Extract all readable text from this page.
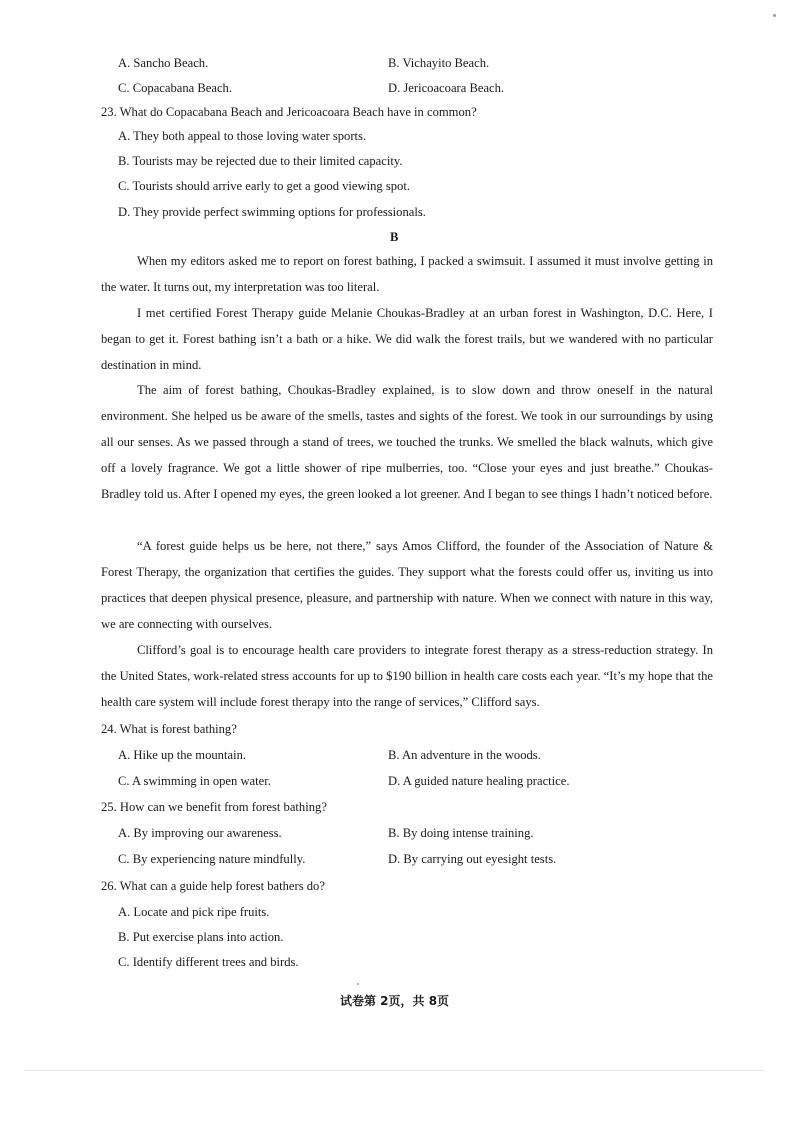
A. Sancho Beach.	B. Vichayito Beach.
C. Copacabana Beach.	D. Jericoacoara Beach.
23. What do Copacabana Beach and Jericoacoara Beach have in common?
A. They both appeal to those loving water sports.
B. Tourists may be rejected due to their limited capacity.
C. Tourists should arrive early to get a good viewing spot.
D. They provide perfect swimming options for professionals.
B

When my editors asked me to report on forest bathing, I packed a swimsuit. I assumed it must involve getting in the water. It turns out, my interpretation was too literal.

I met certified Forest Therapy guide Melanie Choukas-Bradley at an urban forest in Washington, D.C. Here, I began to get it. Forest bathing isn’t a bath or a hike. We did walk the forest trails, but we wandered with no particular destination in mind.

The aim of forest bathing, Choukas-Bradley explained, is to slow down and throw oneself in the natural environment. She helped us be aware of the smells, tastes and sights of the forest. We took in our surroundings by using all our senses. As we passed through a stand of trees, we touched the trunks. We smelled the black walnuts, which give off a lovely fragrance. We got a little shower of ripe mulberries, too. “Close your eyes and just breathe.” Choukas-Bradley told us. After I opened my eyes, the green looked a lot greener. And I began to see things I hadn’t noticed before.

“A forest guide helps us be here, not there,” says Amos Clifford, the founder of the Association of Nature & Forest Therapy, the organization that certifies the guides. They support what the forests could offer us, inviting us into practices that deepen physical presence, pleasure, and partnership with nature. When we connect with nature in this way, we are connecting with ourselves.

Clifford’s goal is to encourage health care providers to integrate forest therapy as a stress-reduction strategy. In the United States, work-related stress accounts for up to $190 billion in health care costs each year. “It’s my hope that the health care system will include forest therapy into the range of services,” Clifford says.

24. What is forest bathing?
A. Hike up the mountain.	B. An adventure in the woods.
C. A swimming in open water.	D. A guided nature healing practice.
25. How can we benefit from forest bathing?
A. By improving our awareness.	B. By doing intense training.
C. By experiencing nature mindfully.	D. By carrying out eyesight tests.
26. What can a guide help forest bathers do?
A. Locate and pick ripe fruits.
B. Put exercise plans into action.
C. Identify different trees and birds.
试卷第 2页，共 8页
